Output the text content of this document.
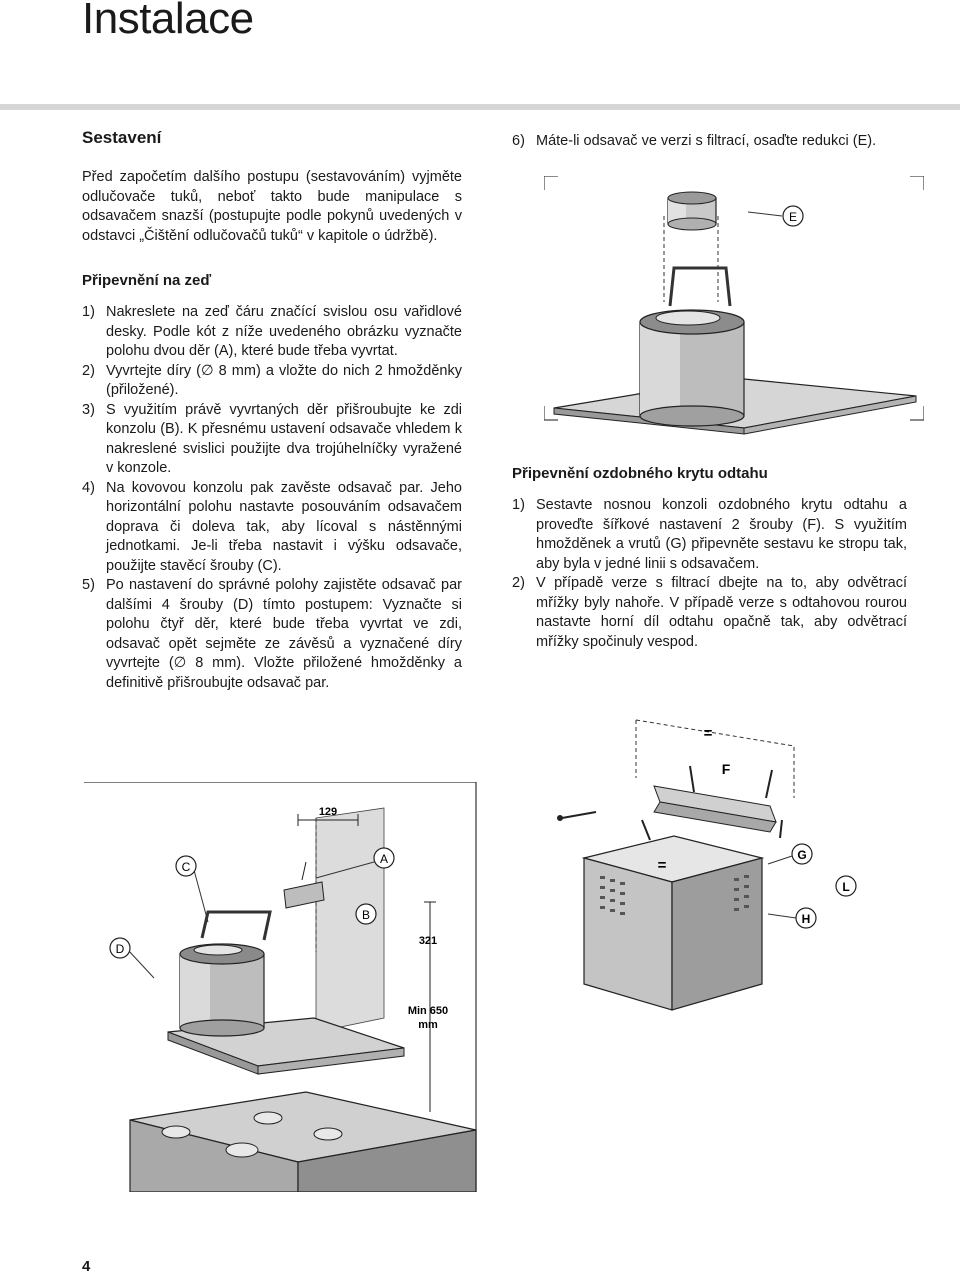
Instalace
Sestavení

Před započetím dalšího postupu (sestavováním) vyjměte odlučovače tuků, neboť takto bude manipulace s odsavačem snazší (postupujte podle pokynů uvedených v odstavci „Čištění odlučovačů tuků“ v kapitole o údržbě).

Připevnění na zeď
1) Nakreslete na zeď čáru značící svislou osu vařidlové desky. Podle kót z níže uvedeného obrázku vyznačte polohu dvou děr (A), které bude třeba vyvrtat.
2) Vyvrtejte díry (∅ 8 mm) a vložte do nich 2 hmožděnky (přiložené).
3) S využitím právě vyvrtaných děr přišroubujte ke zdi konzolu (B). K přesnému ustavení odsavače vhledem k nakreslené svislici použijte dva trojúhelníčky vyražené v konzole.
4) Na kovovou konzolu pak zavěste odsavač par. Jeho horizontální polohu nastavte posouváním odsavačem doprava či doleva tak, aby lícoval s nástěnnými jednotkami. Je-li třeba nastavit i výšku odsavače, použijte stavěcí šrouby (C).
5) Po nastavení do správné polohy zajistěte odsavač par dalšími 4 šrouby (D) tímto postupem: Vyznačte si polohu čtyř děr, které bude třeba vyvrtat ve zdi, odsavač opět sejměte ze závěsů a vyznačené díry vyvrtejte (∅ 8 mm). Vložte přiložené hmožděnky a definitivě přišroubujte odsavač par.
6) Máte-li odsavač ve verzi s filtrací, osaďte redukci (E).
E
Připevnění ozdobného krytu odtahu
1) Sestavte nosnou konzoli ozdobného krytu odtahu a proveďte šířkové nastavení 2 šrouby (F). S využitím hmožděnek a vrutů (G) připevněte sestavu ke stropu tak, aby byla v jedné linii s odsavačem.
2) V případě verze s filtrací dbejte na to, aby odvětrací mřížky byly nahoře. V případě verze s odtahovou rourou nastavte horní díl odtahu opačně tak, aby odvětrací mřížky spočinuly vespod.
=
F
=
G
L
H
129
321
Min 650
mm
B
A
C
D
4
